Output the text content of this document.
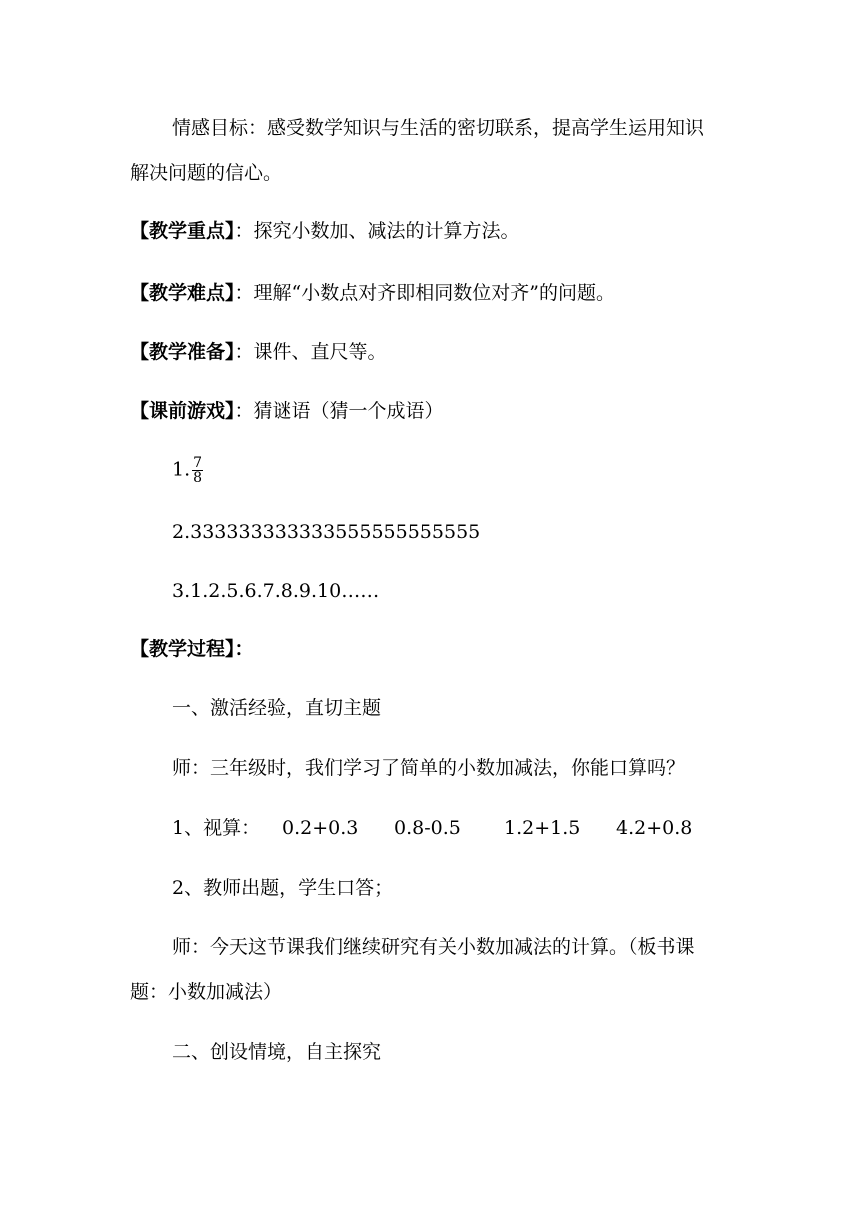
情感目标：感受数学知识与生活的密切联系，提高学生运用知识
解决问题的信心。
【教学重点】：探究小数加、减法的计算方法。
【教学难点】：理解“小数点对齐即相同数位对齐”的问题。
【教学准备】：课件、直尺等。
【课前游戏】：猜谜语（猜一个成语）
1. $\frac{7}{8}$
2.333333333333555555555555
3.1.2.5.6.7.8.9.10……
【教学过程】：
一、激活经验，直切主题
师：三年级时，我们学习了简单的小数加减法，你能口算吗？
1、视算： 0.2+0.3 0.8-0.5 1.2+1.5 4.2+0.8
2、教师出题，学生口答；
师：今天这节课我们继续研究有关小数加减法的计算。（板书课
题：小数加减法）
二、创设情境，自主探究
